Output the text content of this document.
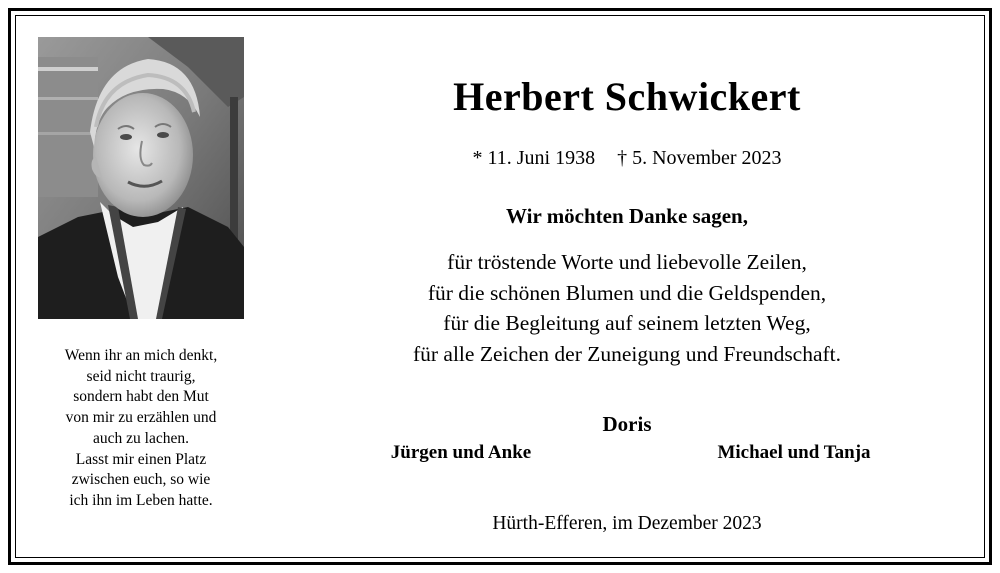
Wenn ihr an mich denkt,
seid nicht traurig,
sondern habt den Mut
von mir zu erzählen und
auch zu lachen.
Lasst mir einen Platz
zwischen euch, so wie
ich ihn im Leben hatte.
Herbert Schwickert
* 11. Juni 1938 † 5. November 2023
Wir möchten Danke sagen,
für tröstende Worte und liebevolle Zeilen,
für die schönen Blumen und die Geldspenden,
für die Begleitung auf seinem letzten Weg,
für alle Zeichen der Zuneigung und Freundschaft.
Doris
Jürgen und Anke	Michael und Tanja
Hürth-Efferen, im Dezember 2023
